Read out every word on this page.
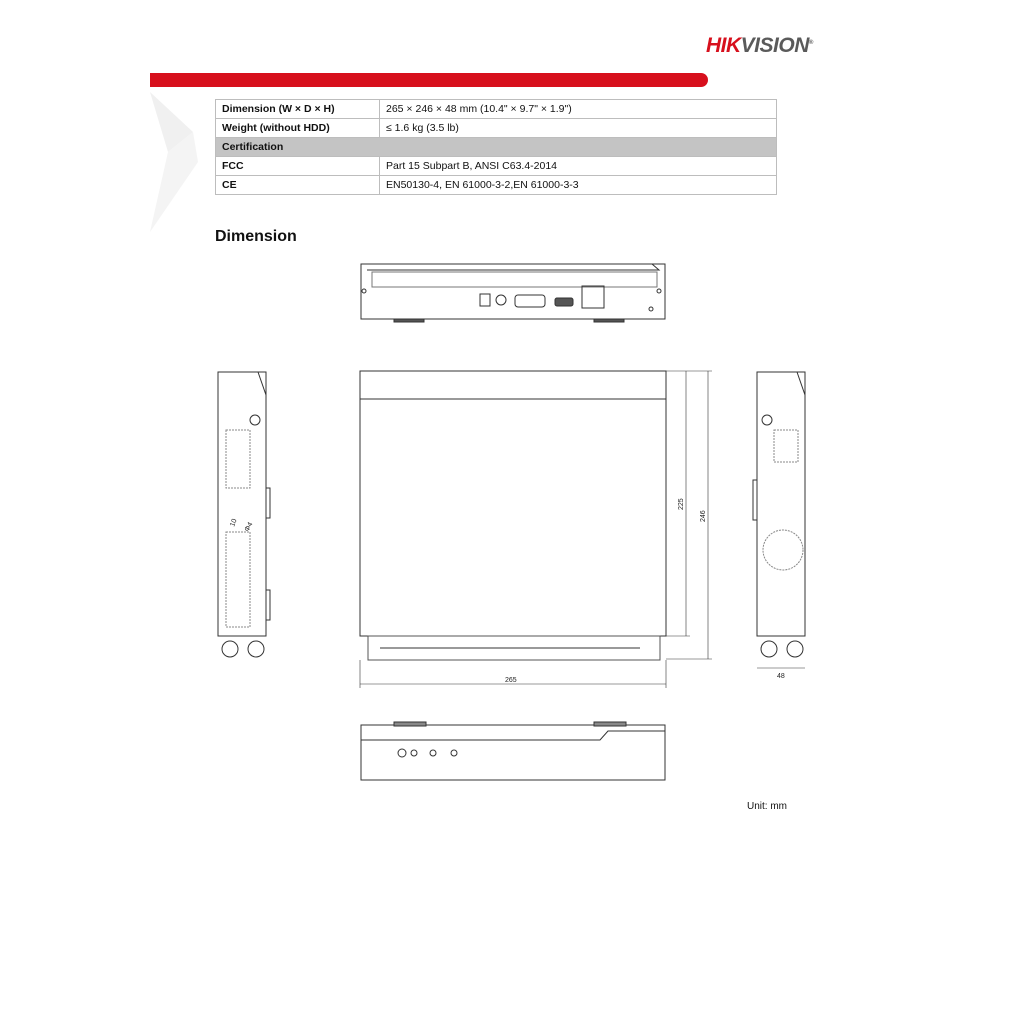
HIKVISION®
Dimension (W × D × H)	265 × 246 × 48 mm (10.4" × 9.7" × 1.9")
Weight (without HDD)	≤ 1.6 kg (3.5 lb)
Certification	
FCC	Part 15 Subpart B, ANSI C63.4-2014
CE	EN50130-4, EN 61000-3-2,EN 61000-3-3
Dimension
225
246
265
48
10 Φ4
Unit: mm
